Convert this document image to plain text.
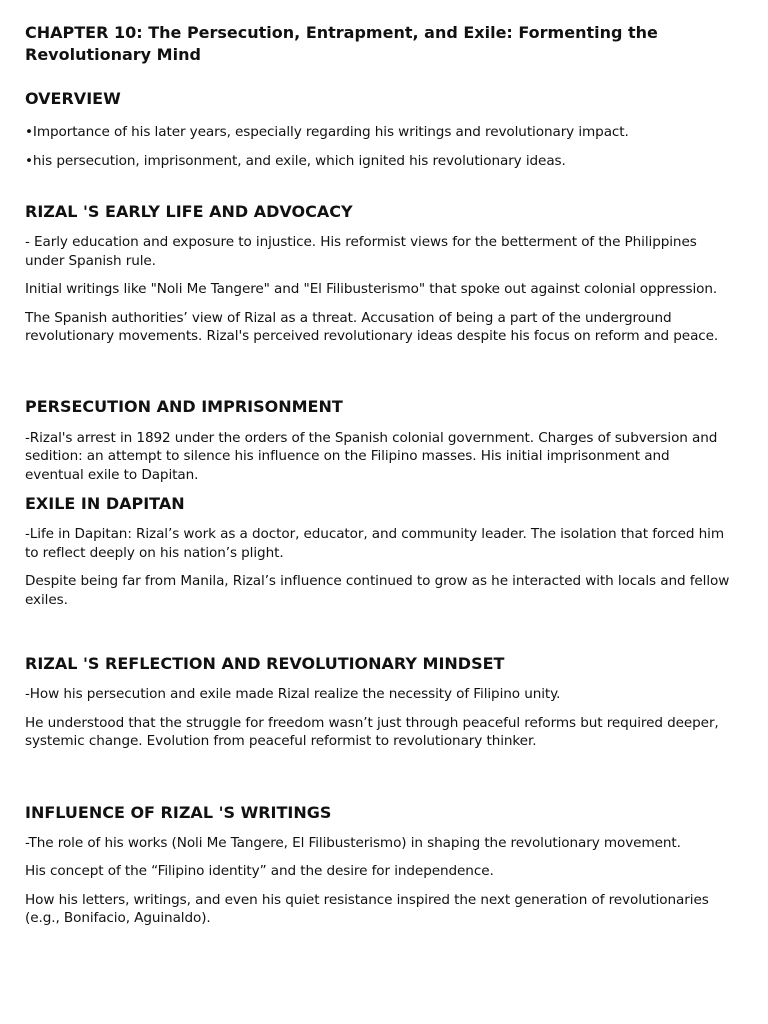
CHAPTER 10: The Persecution, Entrapment, and Exile: Formenting the Revolutionary Mind
OVERVIEW

•Importance of his later years, especially regarding his writings and revolutionary impact.

•his persecution, imprisonment, and exile, which ignited his revolutionary ideas.

RIZAL 'S EARLY LIFE AND ADVOCACY

- Early education and exposure to injustice. His reformist views for the betterment of the Philippines under Spanish rule.

Initial writings like "Noli Me Tangere" and "El Filibusterismo" that spoke out against colonial oppression.

The Spanish authorities’ view of Rizal as a threat. Accusation of being a part of the underground revolutionary movements. Rizal's perceived revolutionary ideas despite his focus on reform and peace.

PERSECUTION AND IMPRISONMENT

-Rizal's arrest in 1892 under the orders of the Spanish colonial government. Charges of subversion and sedition: an attempt to silence his influence on the Filipino masses. His initial imprisonment and eventual exile to Dapitan.

EXILE IN DAPITAN

-Life in Dapitan: Rizal’s work as a doctor, educator, and community leader. The isolation that forced him to reflect deeply on his nation’s plight.

Despite being far from Manila, Rizal’s influence continued to grow as he interacted with locals and fellow exiles.

RIZAL 'S REFLECTION AND REVOLUTIONARY MINDSET

-How his persecution and exile made Rizal realize the necessity of Filipino unity.

He understood that the struggle for freedom wasn’t just through peaceful reforms but required deeper, systemic change. Evolution from peaceful reformist to revolutionary thinker.

INFLUENCE OF RIZAL 'S WRITINGS

-The role of his works (Noli Me Tangere, El Filibusterismo) in shaping the revolutionary movement.

His concept of the “Filipino identity” and the desire for independence.

How his letters, writings, and even his quiet resistance inspired the next generation of revolutionaries (e.g., Bonifacio, Aguinaldo).
